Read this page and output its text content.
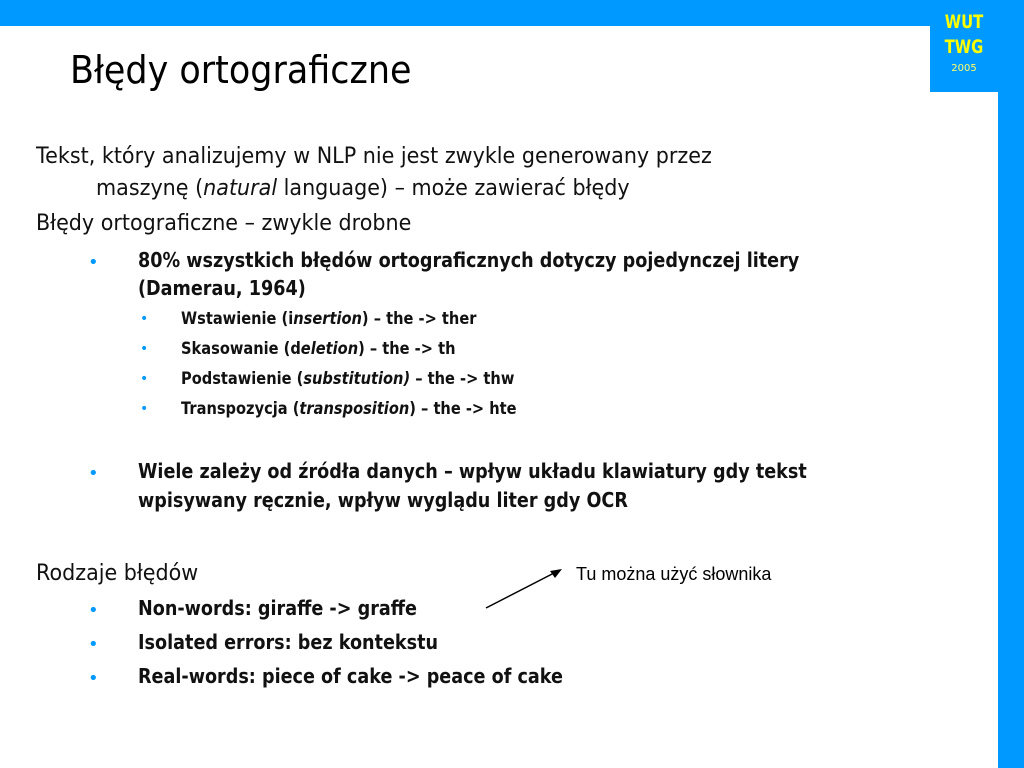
WUT
TWG
2005
Błędy ortograficzne
Tekst, który analizujemy w NLP nie jest zwykle generowany przez
maszynę (natural language) – może zawierać błędy
Błędy ortograficzne – zwykle drobne
• 80% wszystkich błędów ortograficznych dotyczy pojedynczej litery
(Damerau, 1964)
• Wstawienie (insertion) – the -> ther
• Skasowanie (deletion) – the -> th
• Podstawienie (substitution) – the -> thw
• Transpozycja (transposition) – the -> hte
• Wiele zależy od źródła danych – wpływ układu klawiatury gdy tekst
wpisywany ręcznie, wpływ wyglądu liter gdy OCR
Rodzaje błędów
• Non-words: giraffe -> graffe
• Isolated errors: bez kontekstu
• Real-words: piece of cake -> peace of cake
Tu można użyć słownika
